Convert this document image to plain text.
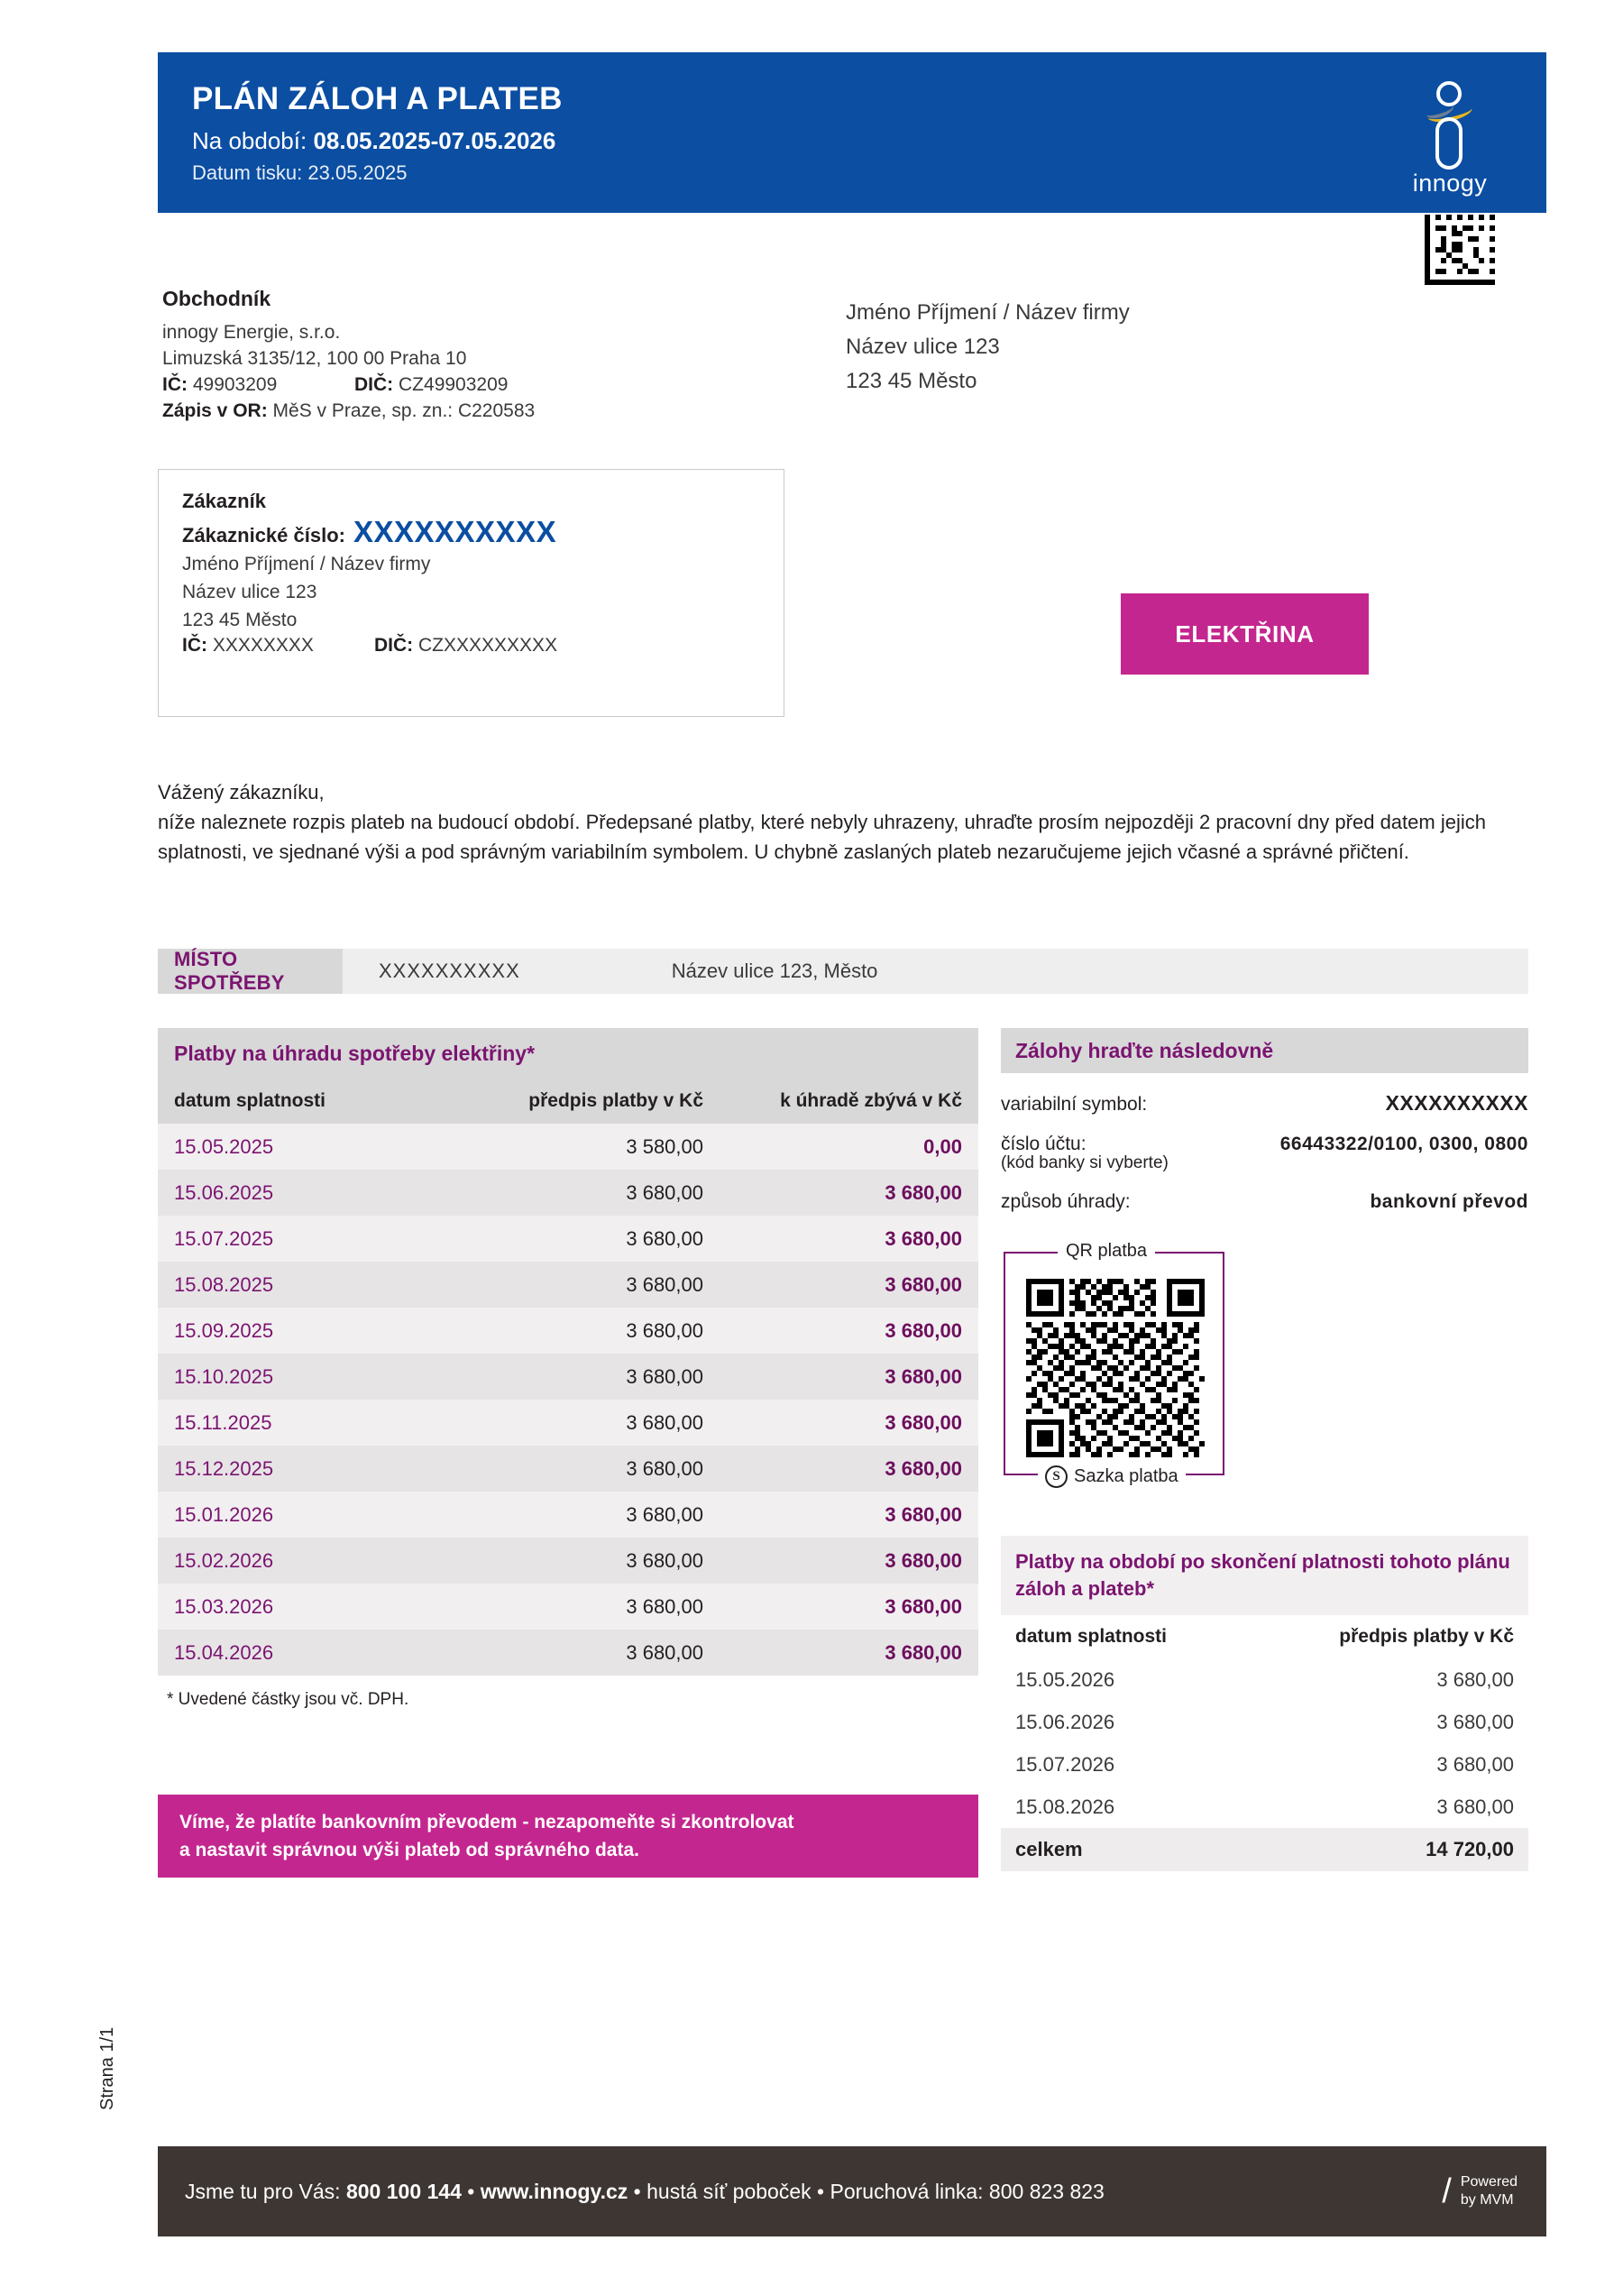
PLÁN ZÁLOH A PLATEB
Na období: 08.05.2025-07.05.2026
Datum tisku: 23.05.2025	innogy
Obchodník
innogy Energie, s.r.o.
Limuzská 3135/12, 100 00 Praha 10
IČ: 49903209	DIČ: CZ49903209
Zápis v OR: MěS v Praze, sp. zn.: C220583
Jméno Příjmení / Název firmy
Název ulice 123
123 45 Město
Zákazník
Zákaznické číslo: XXXXXXXXXX
Jméno Příjmení / Název firmy
Název ulice 123
123 45 Město
IČ: XXXXXXXX	DIČ: CZXXXXXXXXX	ELEKTŘINA

Vážený zákazníku,

níže naleznete rozpis plateb na budoucí období. Předepsané platby, které nebyly uhrazeny, uhraďte prosím nejpozději 2 pracovní dny před datem jejich splatnosti, ve sjednané výši a pod správným variabilním symbolem. U chybně zaslaných plateb nezaručujeme jejich včasné a správné přičtení.

MÍSTO SPOTŘEBY
XXXXXXXXXX	Název ulice 123, Město
Platby na úhradu spotřeby elektřiny*
datum splatnosti	předpis platby v Kč	k úhradě zbývá v Kč
15.05.2025	3 580,00	0,00
15.06.2025	3 680,00	3 680,00
15.07.2025	3 680,00	3 680,00
15.08.2025	3 680,00	3 680,00
15.09.2025	3 680,00	3 680,00
15.10.2025	3 680,00	3 680,00
15.11.2025	3 680,00	3 680,00
15.12.2025	3 680,00	3 680,00
15.01.2026	3 680,00	3 680,00
15.02.2026	3 680,00	3 680,00
15.03.2026	3 680,00	3 680,00
15.04.2026	3 680,00	3 680,00
* Uvedené částky jsou vč. DPH.
Víme, že platíte bankovním převodem - nezapomeňte si zkontrolovat
a nastavit správnou výši plateb od správného data.
Zálohy hraďte následovně
variabilní symbol:	XXXXXXXXXX
číslo účtu:	66443322/0100, 0300, 0800
(kód banky si vyberte)
způsob úhrady:	bankovní převod
QR platba
S Sazka platba
Platby na období po skončení platnosti tohoto plánu záloh a plateb*
datum splatnosti	předpis platby v Kč
15.05.2026	3 680,00
15.06.2026	3 680,00
15.07.2026	3 680,00
15.08.2026	3 680,00
celkem	14 720,00
Jsme tu pro Vás: 800 100 144 • www.innogy.cz • hustá síť poboček • Poruchová linka: 800 823 823	/ Powered
by MVM
Strana 1/1
